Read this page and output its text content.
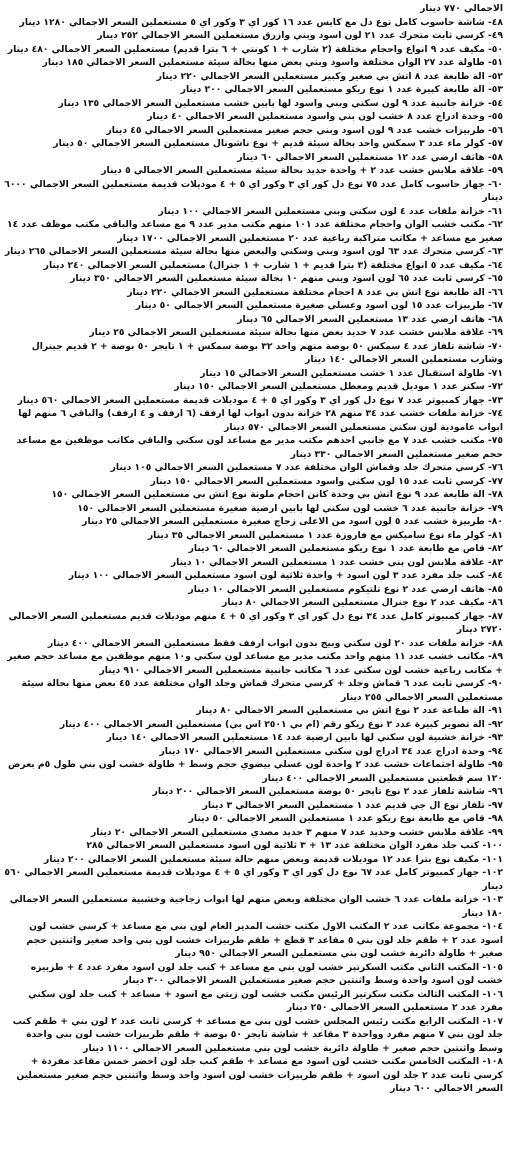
الاجمالي ٧٧٠ دينار
٤٨- شاشة حاسوب كامل نوع دل مع كايس عدد ١٦ كور اي ٣ وكور اي ٥ مستعملين السعر الاجمالي ١٢٨٠ دينار
٤٩- كرسي ثابت متحرك عدد ٢١ لون اسود وبني وازرق مستعملين السعر الاجمالي ٢٥٢ دينار
٥٠- مكيف عدد ٩ انواع واحجام مختلفة (٢ شارب + ١ كونتي + ٦ بترا قديم) مستعملين السعر الاجمالي ٤٨٠ دينار
٥١- طاولة عدد ٢٧ الوان مختلفة واسود وبني بعض منها بحالة سيئة مستعملين السعر الاجمالي ١٨٥ دينار
٥٢- الة طابعة عدد ٨ اتش بي صغير وكبير مستعملين السعر الاجمالي ٢٢٠ دينار
٥٣- الة طابعة كبيرة عدد ١ نوع ريكو مستعملين السعر الاجمالي ٢٠٠ دينار
٥٤- خزانة جانبية عدد ٩ لون سكني وبني واسود لها بابين خشب مستعملين السعر الاجمالي ١٣٥ دينار
٥٥- وحدة ادراج عدد ٨ خشب لون بني واسود مستعملين السعر الاجمالي ٤٠ دينار
٥٦- طربيزات خشب عدد ٩ لون اسود وبني حجم صغير مستعملين السعر الاجمالي ٤٥ دينار
٥٧- كولر ماء عدد ٣ سمكس واحد بحالة سيئة قديم + نوع ناشونال مستعملين السعر الاجمالي ٥٠ دينار
٥٨- هاتف ارضي عدد ١٢ مستعملين السعر الاجمالي ٦٠ دينار
٥٩- علاقة ملابس خشب عدد ٢ + واحدة حديد بحالة سيئة مستعملين السعر الاجمالي ٥ دينار
٦٠- جهاز حاسوب كامل عدد ٧٥ نوع دل كور اي ٣ وكور اي ٥ + ٤ موديلات قديمة مستعملين السعر الاجمالي ٦٠٠٠ دينار
٦١- خزانة ملفات عدد ٤ لون سكني وبني مستعملين السعر الاجمالي ١٠٠ دينار
٦٢- مكتب خشب الوان واحجام مختلفة عدد ١٠١ منهم مكتب مدير عدد ٩ مع مساعد والباقي مكتب موظف عدد ١٤ صغير مع مساعد + مكاتب متراكبة رباعية عدد ٢٠ مستعملين السعر الاجمالي ١٧٠٠ دينار
٦٣- كرسي متحرك عدد ٦٣ لون اسود وبني وسكني والبعض منها بحالة سيئة مستعملين السعر الاجمالي ٢٦٥ دينار
٦٤- مكيف عدد ٥ انواع مختلفة (٣ بترا قديم + ١ شارب + ١ جنرال) مستعملين السعر الاجمالي ٢٤٠ دينار
٦٥- كرسي ثابت عدد ٦٥ لون اسود وبني منهم ١٠ بحالة سيئة مستعملين السعر الاجمالي ٣٥٠ دينار
٦٦- الة طابعة نوع اتش بي عدد ٨ احجام مختلفة مستعملين السعر الاجمالي ٢٢٠ دينار
٦٧- طربيزات عدد ١٥ لون اسود وعسلي صغيرة مستعملين السعر الاجمالي ٥٠ دينار
٦٨- هاتف ارضي عدد ١٣ مستعملين السعر الاجمالي ٦٥ دينار
٦٩- علاقة ملابس خشب عدد ٧ حديد بعض منها بحالة سيئة مستعملين السعر الاجمالي ٢٥ دينار
٧٠- شاشة تلفاز عدد ٤ سمكس ٥٠ بوصة منهم واحد ٣٢ بوصة سمكس + ١ تايجر ٥٠ بوصة + ٢ قديم جينرال وشارب مستعملين السعر الاجمالي ١٤٠ دينار
٧١- طاولة استقبال عدد ١ خشب مستعملين السعر الاجمالي ١٥ دينار
٧٢- سكنر عدد ١ موديل قديم ومعطل مستعملين السعر الاجمالي ١٥٠ دينار
٧٣- جهاز كمبيوتر عدد ٧ نوع دل كور اي ٣ وكور اي ٥ + ٤ موديلات قديمة مستعملين السعر الاجمالي ٥٦٠ دينار
٧٤- خزانة ملفات خشب عدد ٣٤ منهم ٢٨ خزانة بدون ابواب لها ارفف (٦ ارفف و ٤ ارفف) والباقي ٦ منهم لها ابواب عامودية لون سكني مستعملين السعر الاجمالي ٥٧٠ دينار
٧٥- مكتب خشب عدد ٧ مع جانبي احدهم مكتب مدير مع مساعد لون سكني والباقي مكاتب موظفين مع مساعد حجم صغير مستعملين السعر الاجمالي ٣٣٠ دينار
٧٦- كرسي متحرك جلد وقماش الوان مختلفة عدد ٧ مستعملين السعر الاجمالي ١٠٥ دينار
٧٧- كرسي ثابت عدد ١٥ لون سكني واسود مستعملين السعر الاجمالي ١٥٠ دينار
٧٨- الة طابعة عدد ٩ نوع اتش بي وحدة كانن احجام ملونة نوع اتش بي مستعملين السعر الاجمالي ١٥٠
٧٩- خزانة جانبية عدد ٦ خشب لون سكني لها بابين ارضية صغيرة مستعملين السعر الاجمالي ١٥٠
٨٠- طربيزة خشب عدد ٥ لون اسود من الاعلى زجاج صغيرة مستعملين السعر الاجمالي ٢٥ دينار
٨١- كولر ماء نوع ساميكس مع فاروزة عدد ١ مستعملين السعر الاجمالي ٣٥ دينار
٨٢- قاص مع طابعة عدد ١ نوع ريكو مستعملين السعر الاجمالي ٦٠ دينار
٨٣- علاقة ملابس لون بني خشب عدد ١ مستعملين السعر الاجمالي ١٠ دينار
٨٤- كنب جلد مفرد عدد ٣ لون اسود + واحدة ثلاثية لون اسود مستعملين السعر الاجمالي ١٠٠ دينار
٨٥- هاتف ارضي عدد ٢ نوع تلتيكوم مستعملين السعر الاجمالي ١٠ دينار
٨٦- مكيف عدد ٢ نوع جنرال مستعملين السعر الاجمالي ٨٠ دينار
٨٧- جهاز كمبيوتر كامل عدد ٣٤ نوع دل كور اي ٣ وكور اي ٥ + ٤ منهم موديلات قديم مستعملين السعر الاجمالي ٢٧٢٠ دينار
٨٨- خزانة ملفات عدد ٢٠ لون سكني وبيج بدون ابواب ارفف فقط مستعملين السعر الاجمالي ٤٠٠ دينار
٨٩- مكاتب خشب عدد ١١ منهم واحد مكتب مدير مع مساعد لون سكني و١٠ منهم موظفين مع مساعد حجم صغير + مكاتب رباعية خشب لون سكني عدد ٦ مكاتب جانبية مستعملين السعر الاجمالي ٩١٠ دينار
٩٠- كرسي ثابت عدد ٦ قماش وجلد + كرسي متحرك قماش وجلد الوان مختلفة عدد ٤٥ بعض منها بحالة سيئة مستعملين السعر الاجمالي ٢٥٥ دينار
٩١- الة طباعة عدد ٢ نوع اتش بي مستعملين السعر الاجمالي ٨٠ دينار
٩٢- الة تصوير كبيرة عدد ٢ نوع ريكو رقم (ام بي ٢٥٠١ اس بي) مستعملين السعر الاجمالي ٤٠٠ دينار
٩٣- خزانة خشبية لون سكني لها بابين ارضية عدد ١٤ مستعملين السعر الاجمالي ١٤٠ دينار
٩٤- وحدة ادراج عدد ٣٤ ادراج لون سكني مستعملين السعر الاجمالي ١٧٠ دينار
٩٥- طاولة اجتماعات خشب عدد ٢ واحدة لون عسلي بيضوي حجم وسط + طاولة خشب لون بني طول ٥م بعرض ١٢٠ سم قطعتين مستعملين السعر الاجمالي ٤٠٠ دينار
٩٦- شاشة تلفاز عدد ٢ نوع تايجر ٥٠ بوصة مستعملين السعر الاجمالي ٢٠٠ دينار
٩٧- تلفاز نوع ال جي قديم عدد ١ مستعملين السعر الاجمالي ٣ دينار
٩٨- قاص مع طابعة نوع ريكو عدد ١ مستعملين السعر الاجمالي ٥٠ دينار
٩٩- علاقة ملابس خشب وحديد عدد ٧ منهم ٣ حديد مصدي مستعملين السعر الاجمالي ٢٠ دينار
١٠٠- كنب جلد مفرد الوان مختلفة عدد ١٣ + ٣ ثلاثية لون اسود مستعملين السعر الاجمالي ٢٨٥
١٠١- مكيف نوع بترا عدد ١٢ موديلات قديمة وبعض منهم حالة سيئة مستعملين السعر الاجمالي ٢٠٠ دينار
١٠٢- جهاز كمبيوتر كامل عدد ٦٧ نوع دل كور اي ٣ وكور اي ٥ + ٤ موديلات قديمة مستعملين السعر الاجمالي ٥٦٠ دينار
١٠٣- خزانة ملفات عدد ٦ خشب الوان مختلفة وبعض منهم لها ابواب زجاجية وخشبية مستعملين السعر الاجمالي ١٨٠ دينار
١٠٤- مجموعة مكاتب عدد ٢ المكتب الاول مكتب خشب المدير العام لون بني مع مساعد + كرسي خشب لون اسود عدد ٢ + طقم جلد لون بني ٥ مقاعد ٣ قطع + طقم طربيزات خشب لون بني واحد صغير واثنتين حجم صغير + طاولة دائرية خشب لون بني مستعملين السعر الاجمالي ٩٥٠ دينار
١٠٥- المكتب الثاني مكتب السكرتير خشب لون بني مع مساعد + كنب جلد لون اسود مفرد عدد ٤ + طربيزه خشب لون اسود واحدة وسط واثنتين حجم صغير مستعملين السعر الاجمالي ٣٠٠ دينار
١٠٦- المكتب الثالث مكتب سكرتير الرئيس مكتب خشب لون زيتي مع اسود + مساعد + كنب جلد لون سكني مفرد عدد ٢ مستعملين السعر الاجمالي ٢٥٠ دينار
١٠٧- المكتب الرابع مكتب رئيس المجلس خشب لون بني مع مساعد + كرسي ثابت عدد ٢ لون بني + طقم كنب جلد لون بني ٧ منهم مفرد وواحدة ٣ مقاعد + شاشة تايجر ٥٠ بوصة + طقم طربيزات خشب لون بني واحدة وسط واثنتين حجم صغير + طاولة دائرية خشب لون بني مستعملين السعر الاجمالي ١١٠٠ دينار
١٠٨- المكتب الخامس مكتب خشب لون اسود مع مساعد + طقم كنب جلد لون اخضر خمس مقاعد مفردة + كرسي ثابت عدد ٢ جلد لون اسود + طقم طربيزات خشب لون اسود واحد وسط واثنتين حجم صغير مستعملين السعر الاجمالي ٦٠٠ دينار
